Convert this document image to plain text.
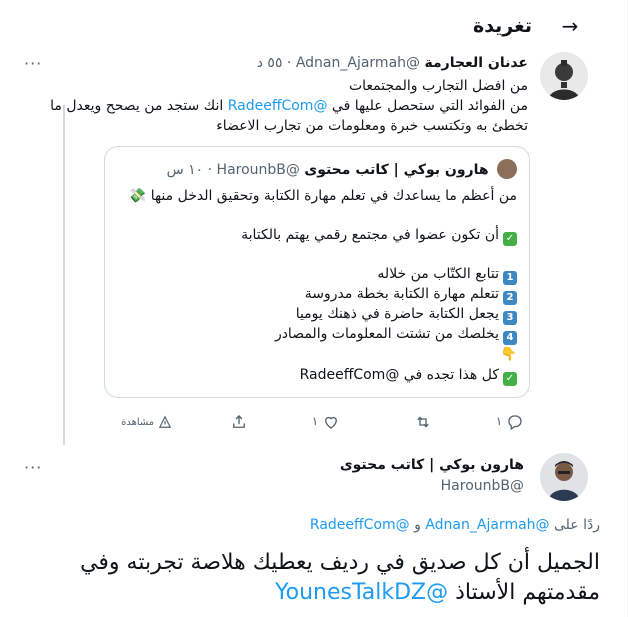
→
تغريدة
عدنان العجارمة @Adnan_Ajarmah · ٥٥ د
···
من افضل التجارب والمجتمعات
من الفوائد التي ستحصل عليها في @RadeeffCom انك ستجد من يصحح ويعدل ما
تخطئ به وتكتسب خبرة ومعلومات من تجارب الاعضاء
هارون بوكي | كاتب محتوى @HarounbB · ١٠ س
من أعظم ما يساعدك في تعلم مهارة الكتابة وتحقيق الدخل منها 💸
✓أن تكون عضوا في مجتمع رقمي يهتم بالكتابة
1تتابع الكتّاب من خلاله
2تتعلم مهارة الكتابة بخطة مدروسة
3يجعل الكتابة حاضرة في ذهنك يوميا
4يخلصك من تشتت المعلومات والمصادر
👇
✓كل هذا تجده في @RadeeffCom
١
١
مشاهدة
هارون بوكي | كاتب محتوى
@HarounbB
···
ردًا على @Adnan_Ajarmah و @RadeeffCom
الجميل أن كل صديق في رديف يعطيك هلاصة تجربته وفي
مقدمتهم الأستاذ @YounesTalkDZ
